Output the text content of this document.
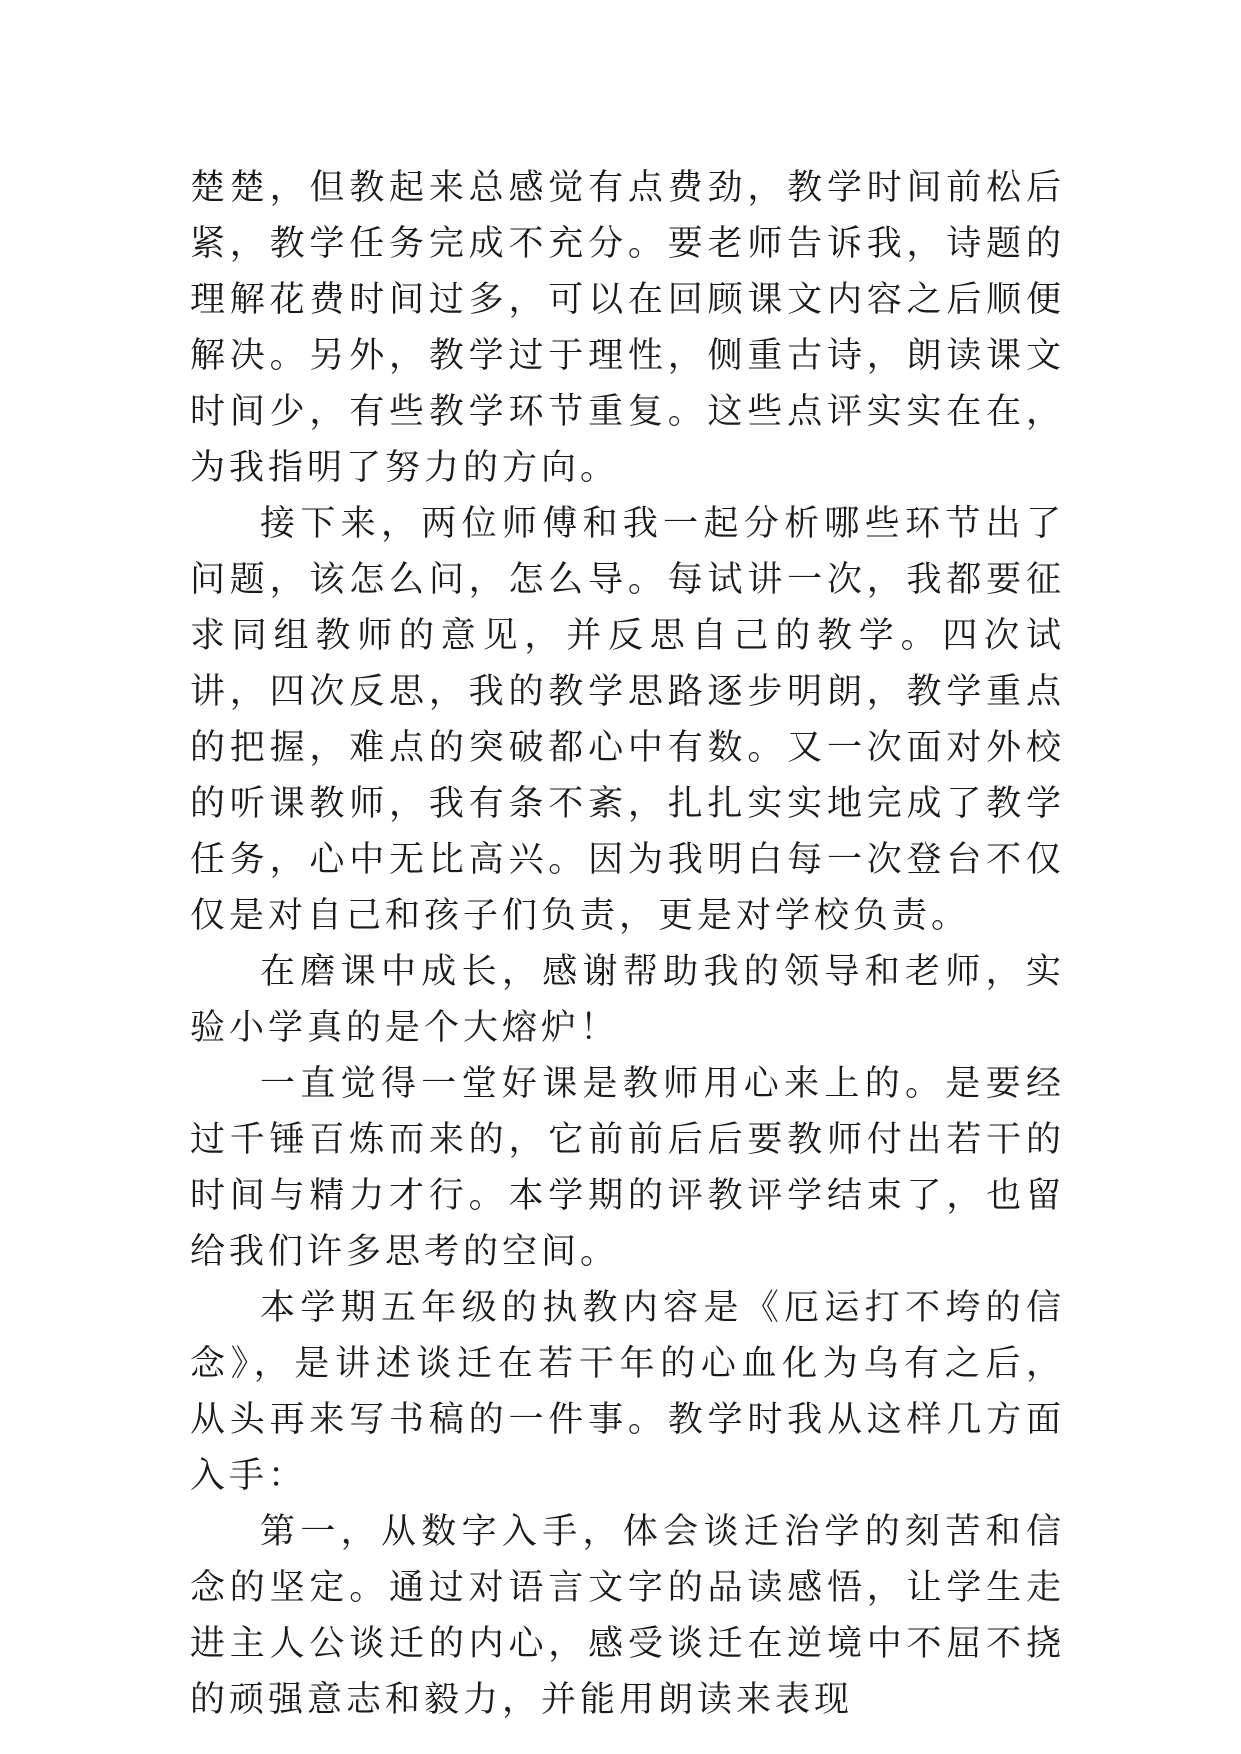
楚楚，但教起来总感觉有点费劲，教学时间前松后紧，教学任务完成不充分。要老师告诉我，诗题的理解花费时间过多，可以在回顾课文内容之后顺便解决。另外，教学过于理性，侧重古诗，朗读课文时间少，有些教学环节重复。这些点评实实在在，为我指明了努力的方向。

接下来，两位师傅和我一起分析哪些环节出了问题，该怎么问，怎么导。每试讲一次，我都要征求同组教师的意见，并反思自己的教学。四次试讲，四次反思，我的教学思路逐步明朗，教学重点的把握，难点的突破都心中有数。又一次面对外校的听课教师，我有条不紊，扎扎实实地完成了教学任务，心中无比高兴。因为我明白每一次登台不仅仅是对自己和孩子们负责，更是对学校负责。

在磨课中成长，感谢帮助我的领导和老师，实验小学真的是个大熔炉！

一直觉得一堂好课是教师用心来上的。是要经过千锤百炼而来的，它前前后后要教师付出若干的时间与精力才行。本学期的评教评学结束了，也留给我们许多思考的空间。

本学期五年级的执教内容是《厄运打不垮的信念》，是讲述谈迁在若干年的心血化为乌有之后，从头再来写书稿的一件事。教学时我从这样几方面入手：

第一，从数字入手，体会谈迁治学的刻苦和信念的坚定。通过对语言文字的品读感悟，让学生走进主人公谈迁的内心，感受谈迁在逆境中不屈不挠的顽强意志和毅力，并能用朗读来表现
